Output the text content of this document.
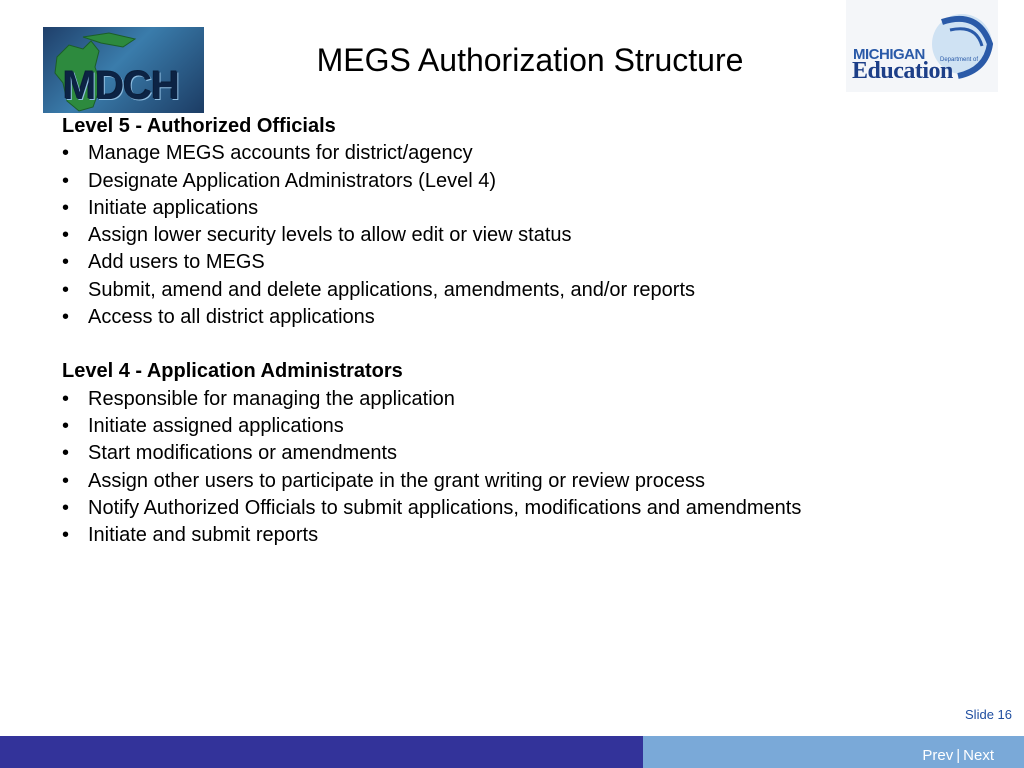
MDCH
MEGS Authorization Structure	MICHIGAN	Department of
Education
Level 5 - Authorized Officials
• Manage MEGS accounts for district/agency
• Designate Application Administrators (Level 4)
• Initiate applications
• Assign lower security levels to allow edit or view status
• Add users to MEGS
• Submit, amend and delete applications, amendments, and/or reports
• Access to all district applications
Level 4 - Application Administrators
• Responsible for managing the application
• Initiate assigned applications
• Start modifications or amendments
• Assign other users to participate in the grant writing or review process
• Notify Authorized Officials to submit applications, modifications and amendments
• Initiate and submit reports
Slide 16
Prev | Next
